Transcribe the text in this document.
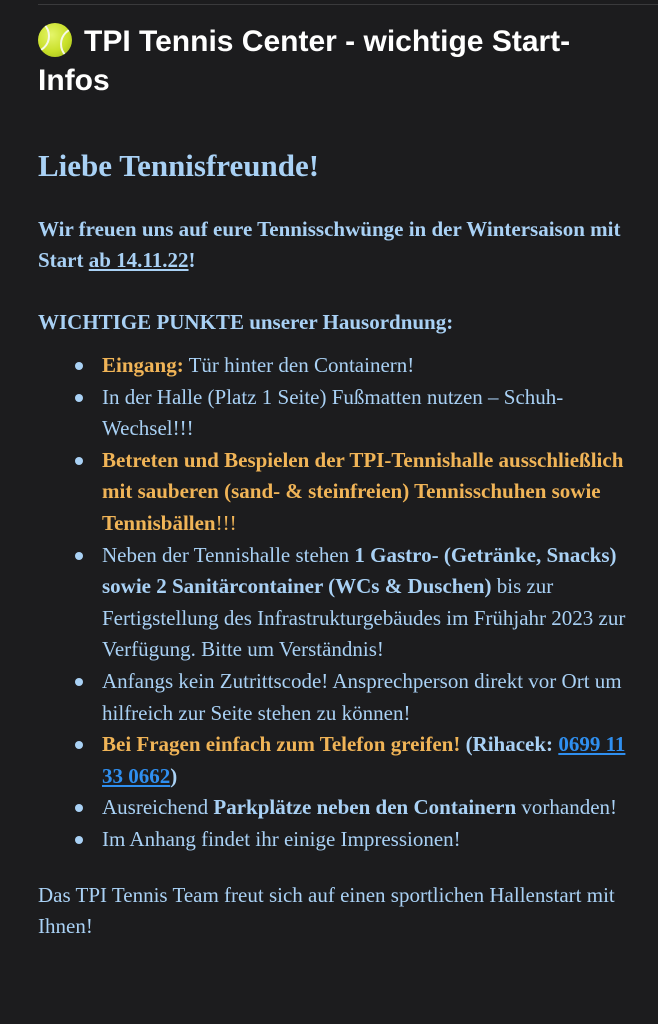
TPI Tennis Center - wichtige Start-Infos
Liebe Tennisfreunde!

Wir freuen uns auf eure Tennisschwünge in der Wintersaison mit Start ab 14.11.22!

WICHTIGE PUNKTE unserer Hausordnung:

Eingang: Tür hinter den Containern!
In der Halle (Platz 1 Seite) Fußmatten nutzen – Schuh-Wechsel!!!
Betreten und Bespielen der TPI-Tennishalle ausschließlich mit sauberen (sand- & steinfreien) Tennisschuhen sowie Tennisbällen!!!
Neben der Tennishalle stehen 1 Gastro- (Getränke, Snacks) sowie 2 Sanitärcontainer (WCs & Duschen) bis zur Fertigstellung des Infrastrukturgebäudes im Frühjahr 2023 zur Verfügung. Bitte um Verständnis!
Anfangs kein Zutrittscode! Ansprechperson direkt vor Ort um hilfreich zur Seite stehen zu können!
Bei Fragen einfach zum Telefon greifen! (Rihacek: 0699 11 33 0662)
Ausreichend Parkplätze neben den Containern vorhanden!
Im Anhang findet ihr einige Impressionen!

Das TPI Tennis Team freut sich auf einen sportlichen Hallenstart mit Ihnen!
